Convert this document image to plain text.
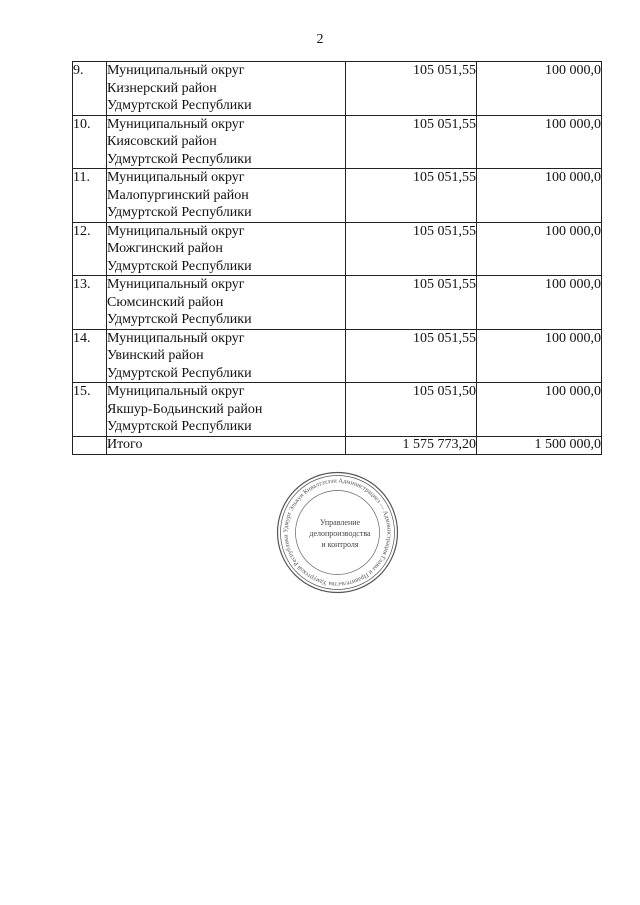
2
9.	Муниципальный округ
Кизнерский район
Удмуртской Республики	105 051,55	100 000,0
10.	Муниципальный округ
Киясовский район
Удмуртской Республики	105 051,55	100 000,0
11.	Муниципальный округ
Малопургинский район
Удмуртской Республики	105 051,55	100 000,0
12.	Муниципальный округ
Можгинский район
Удмуртской Республики	105 051,55	100 000,0
13.	Муниципальный округ
Сюмсинский район
Удмуртской Республики	105 051,55	100 000,0
14.	Муниципальный округ
Увинский район
Удмуртской Республики	105 051,55	100 000,0
15.	Муниципальный округ
Якшур-Бодьинский район
Удмуртской Республики	105 051,50	100 000,0
	Итого	1 575 773,20	1 500 000,0
Удмурт Элькун Кивалтэтлэн Администрациез — Администрация Главы и Правительства Удмуртской Республики
Управление
делопроизводства
и контроля
